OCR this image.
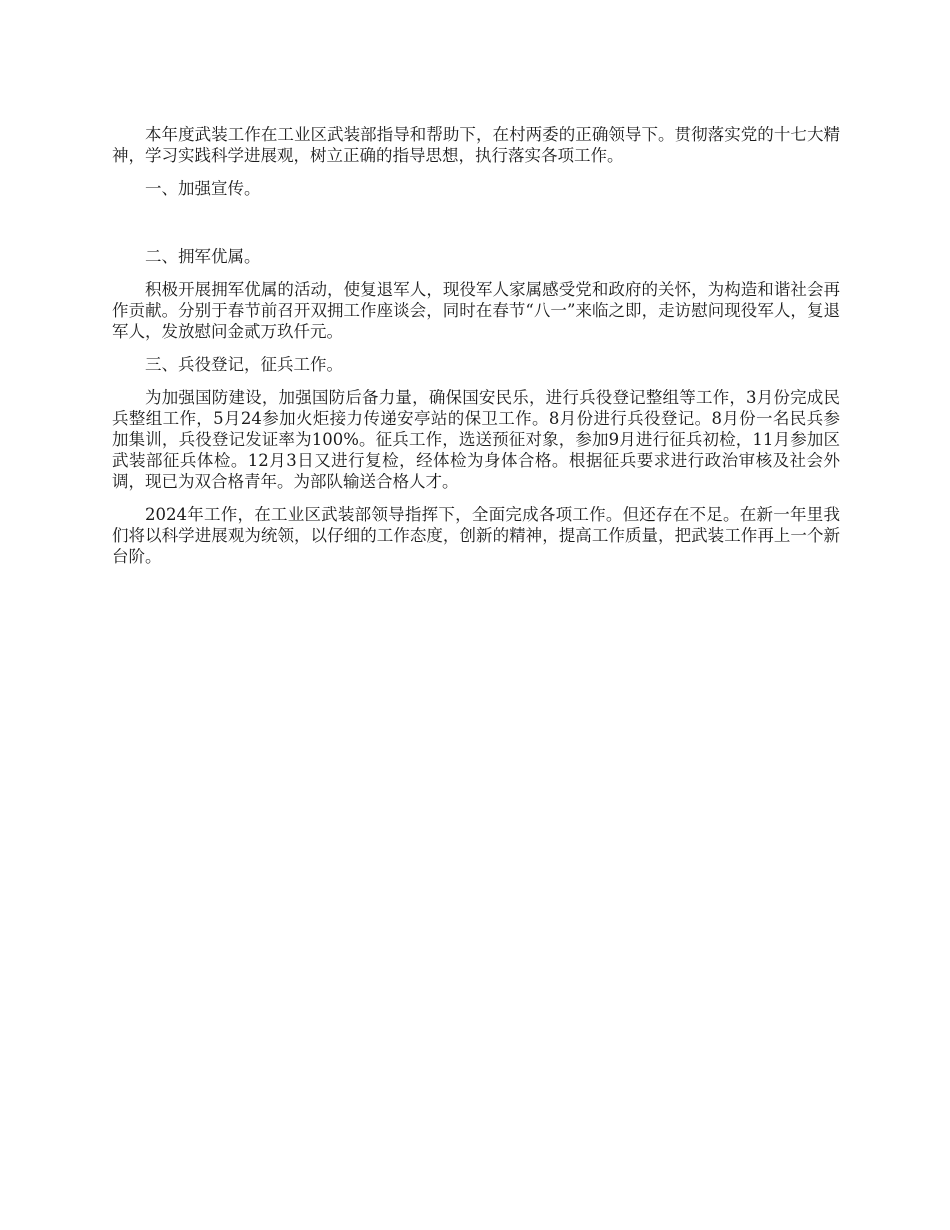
本年度武装工作在工业区武装部指导和帮助下，在村两委的正确领导下。贯彻落实党的十七大精神，学习实践科学进展观，树立正确的指导思想，执行落实各项工作。

一、加强宣传。

二、拥军优属。

积极开展拥军优属的活动，使复退军人，现役军人家属感受党和政府的关怀，为构造和谐社会再作贡献。分别于春节前召开双拥工作座谈会，同时在春节“八一”来临之即，走访慰问现役军人，复退军人，发放慰问金贰万玖仟元。

三、兵役登记，征兵工作。

为加强国防建设，加强国防后备力量，确保国安民乐，进行兵役登记整组等工作，3月份完成民兵整组工作，5月24参加火炬接力传递安亭站的保卫工作。8月份进行兵役登记。8月份一名民兵参加集训，兵役登记发证率为100%。征兵工作，选送预征对象，参加9月进行征兵初检，11月参加区武装部征兵体检。12月3日又进行复检，经体检为身体合格。根据征兵要求进行政治审核及社会外调，现已为双合格青年。为部队输送合格人才。

2024年工作，在工业区武装部领导指挥下，全面完成各项工作。但还存在不足。在新一年里我们将以科学进展观为统领，以仔细的工作态度，创新的精神，提高工作质量，把武装工作再上一个新台阶。
